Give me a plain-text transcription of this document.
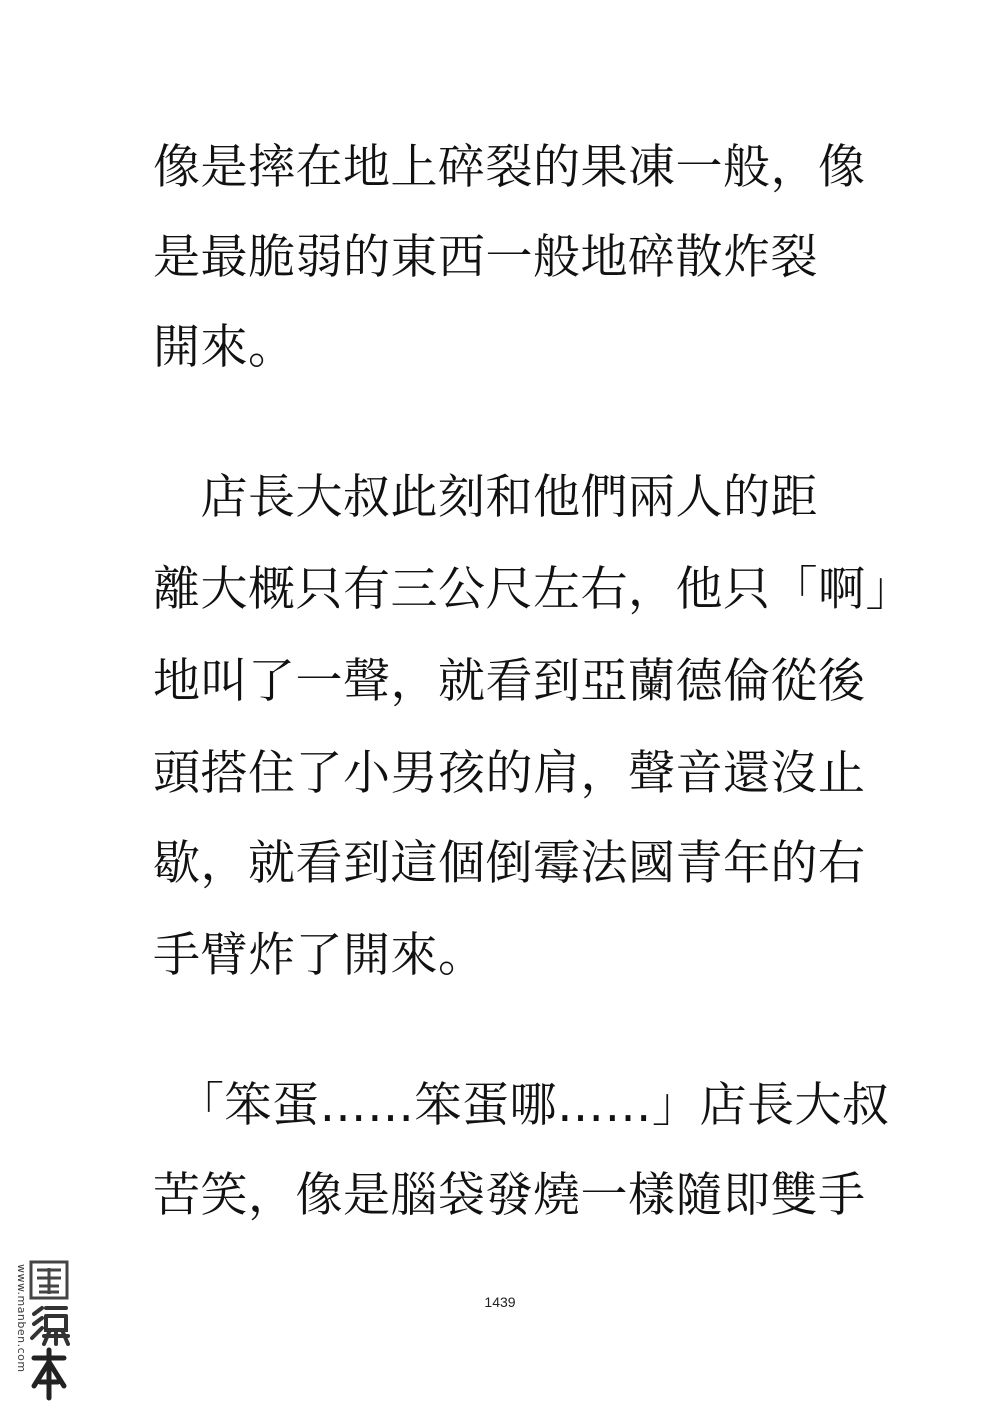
像是摔在地上碎裂的果凍一般，像
是最脆弱的東西一般地碎散炸裂
開來。
　店長大叔此刻和他們兩人的距
離大概只有三公尺左右，他只「啊」
地叫了一聲，就看到亞蘭德倫從後
頭搭住了小男孩的肩，聲音還沒止
歇，就看到這個倒霉法國青年的右
手臂炸了開來。
　「笨蛋……笨蛋哪……」店長大叔
苦笑，像是腦袋發燒一樣隨即雙手
1439
www.manben.com
